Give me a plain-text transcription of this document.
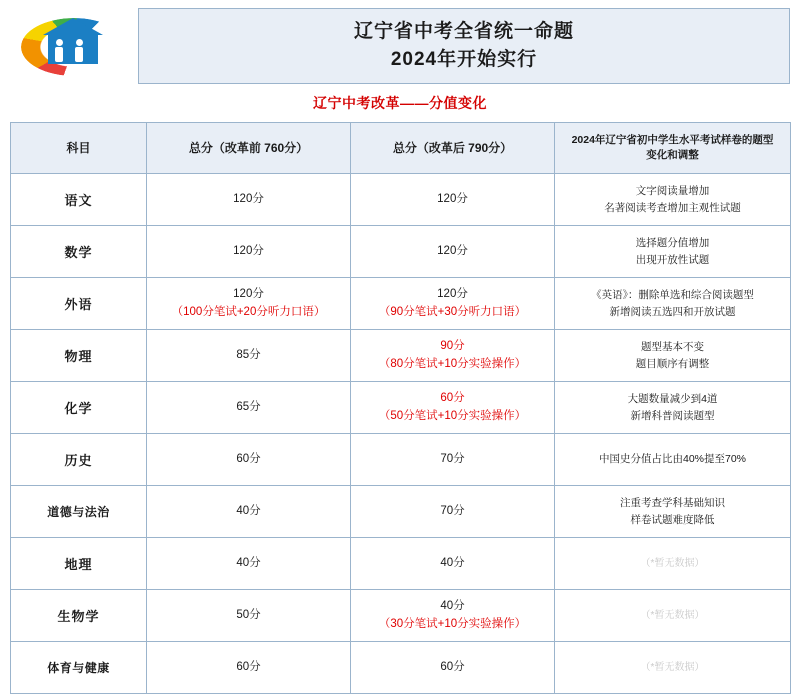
辽宁省中考全省统一命题
2024年开始实行
辽宁中考改革——分值变化
科目	总分（改革前 760分）	总分（改革后 790分）	2024年辽宁省初中学生水平考试样卷的题型
变化和调整

语文	120分	120分	文字阅读量增加
名著阅读考查增加主观性试题

数学	120分	120分	选择题分值增加
出现开放性试题

外语	120分
（100分笔试+20分听力口语）	120分
（90分笔试+30分听力口语）	《英语》：删除单选和综合阅读题型
新增阅读五选四和开放试题

物理	85分	90分
（80分笔试+10分实验操作）	题型基本不变
题目顺序有调整

化学	65分	60分
（50分笔试+10分实验操作）	大题数量减少到4道
新增科普阅读题型

历史	60分	70分	中国史分值占比由40%提至70%

道德与法治	40分	70分	注重考查学科基础知识
样卷试题难度降低

地理	40分	40分	（*暂无数据）

生物学	50分	40分
（30分笔试+10分实验操作）	（*暂无数据）

体育与健康	60分	60分	（*暂无数据）
